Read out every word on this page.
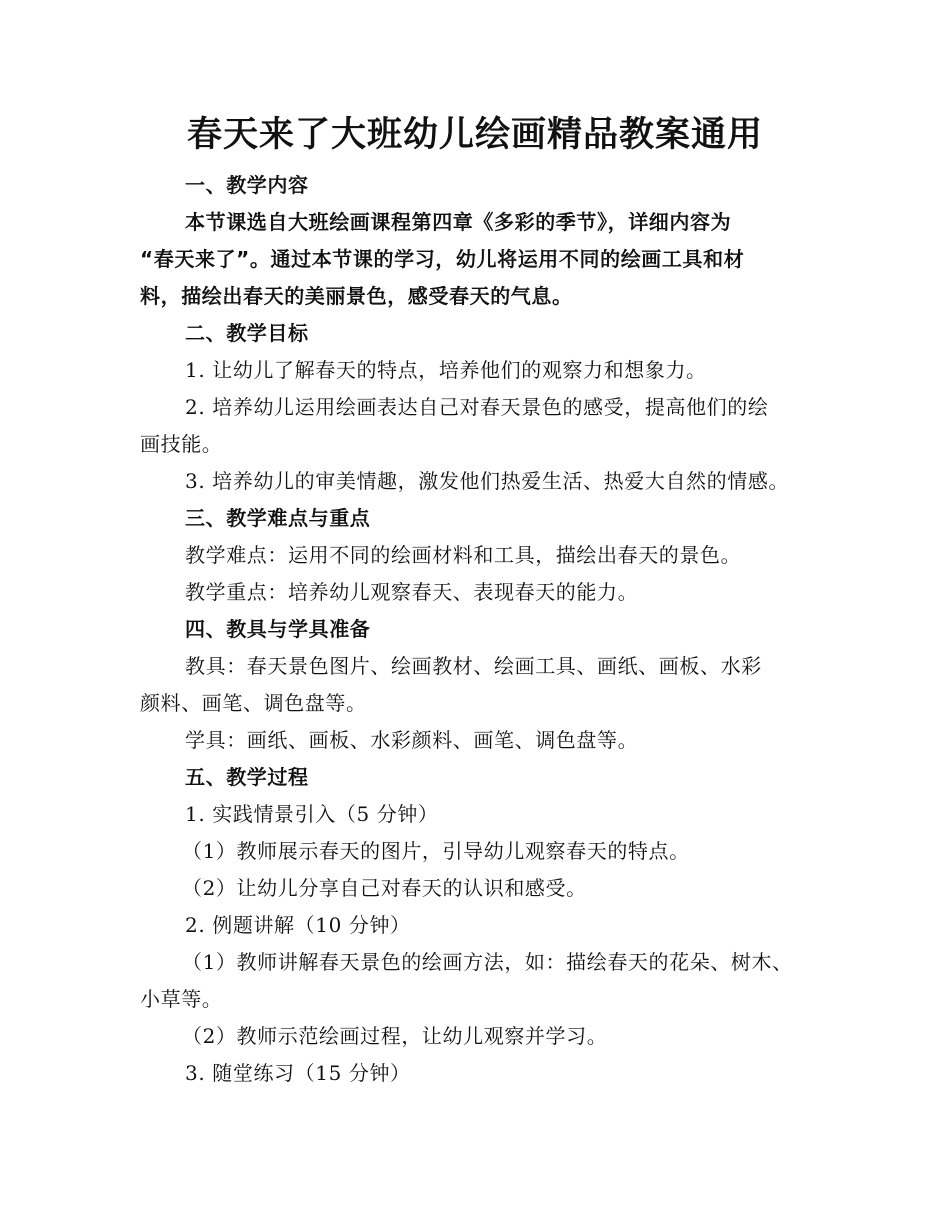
春天来了大班幼儿绘画精品教案通用
一、教学内容
本节课选自大班绘画课程第四章《多彩的季节》，详细内容为
“春天来了”。通过本节课的学习，幼儿将运用不同的绘画工具和材
料，描绘出春天的美丽景色，感受春天的气息。
二、教学目标
1. 让幼儿了解春天的特点，培养他们的观察力和想象力。
2. 培养幼儿运用绘画表达自己对春天景色的感受，提高他们的绘
画技能。
3. 培养幼儿的审美情趣，激发他们热爱生活、热爱大自然的情感。
三、教学难点与重点
教学难点：运用不同的绘画材料和工具，描绘出春天的景色。
教学重点：培养幼儿观察春天、表现春天的能力。
四、教具与学具准备
教具：春天景色图片、绘画教材、绘画工具、画纸、画板、水彩
颜料、画笔、调色盘等。
学具：画纸、画板、水彩颜料、画笔、调色盘等。
五、教学过程
1. 实践情景引入（5 分钟）
（1）教师展示春天的图片，引导幼儿观察春天的特点。
（2）让幼儿分享自己对春天的认识和感受。
2. 例题讲解（10 分钟）
（1）教师讲解春天景色的绘画方法，如：描绘春天的花朵、树木、
小草等。
（2）教师示范绘画过程，让幼儿观察并学习。
3. 随堂练习（15 分钟）
